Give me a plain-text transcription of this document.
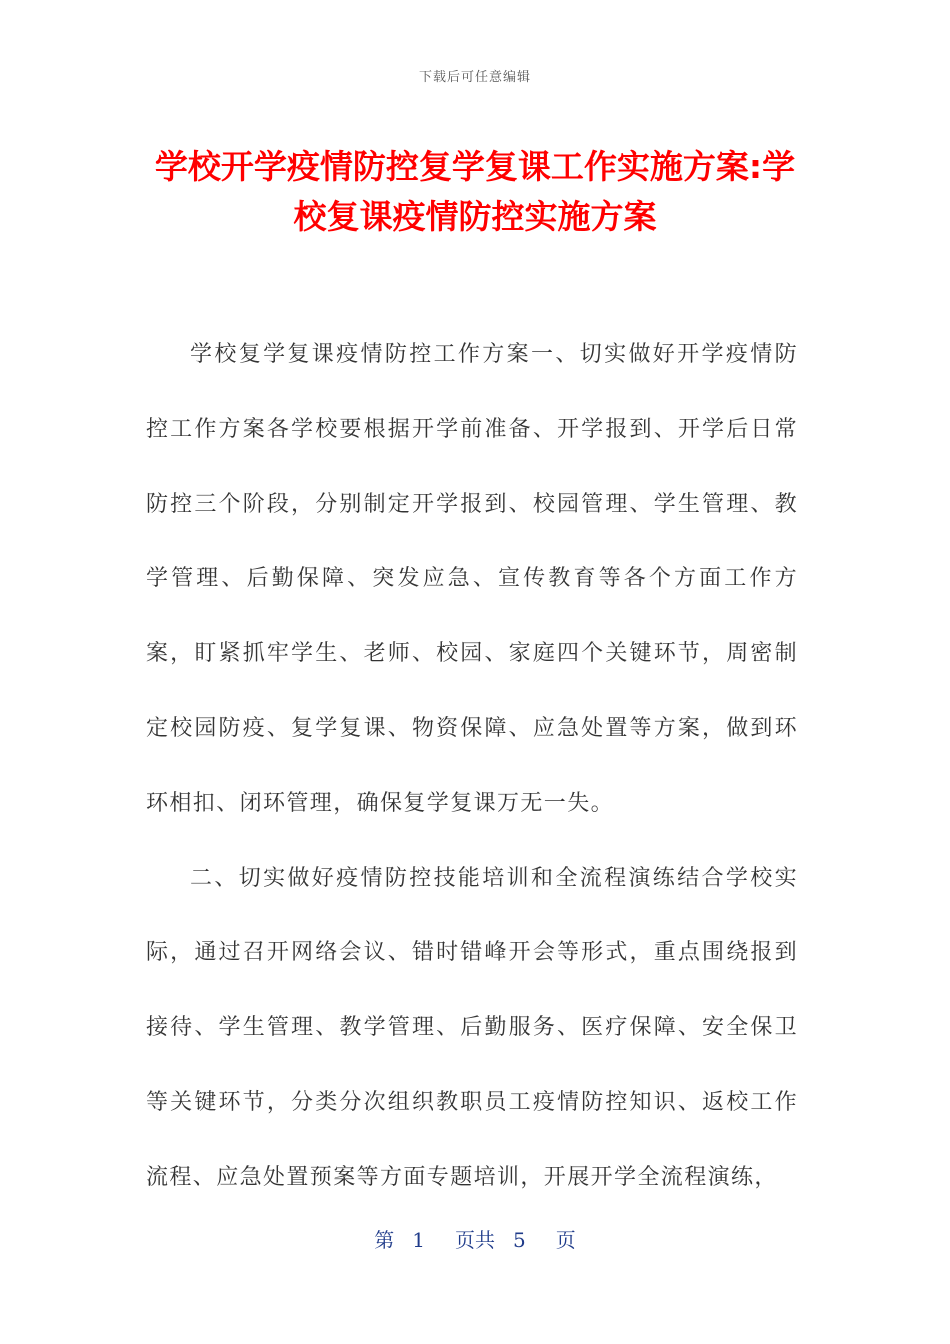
下载后可任意编辑
学校开学疫情防控复学复课工作实施方案:学校复课疫情防控实施方案

学校复学复课疫情防控工作方案一、切实做好开学疫情防控工作方案各学校要根据开学前准备、开学报到、开学后日常防控三个阶段，分别制定开学报到、校园管理、学生管理、教学管理、后勤保障、突发应急、宣传教育等各个方面工作方案，盯紧抓牢学生、老师、校园、家庭四个关键环节，周密制定校园防疫、复学复课、物资保障、应急处置等方案，做到环环相扣、闭环管理，确保复学复课万无一失。

二、切实做好疫情防控技能培训和全流程演练结合学校实际，通过召开网络会议、错时错峰开会等形式，重点围绕报到接待、学生管理、教学管理、后勤服务、医疗保障、安全保卫等关键环节，分类分次组织教职员工疫情防控知识、返校工作流程、应急处置预案等方面专题培训，开展开学全流程演练，

第 1 页共 5 页
